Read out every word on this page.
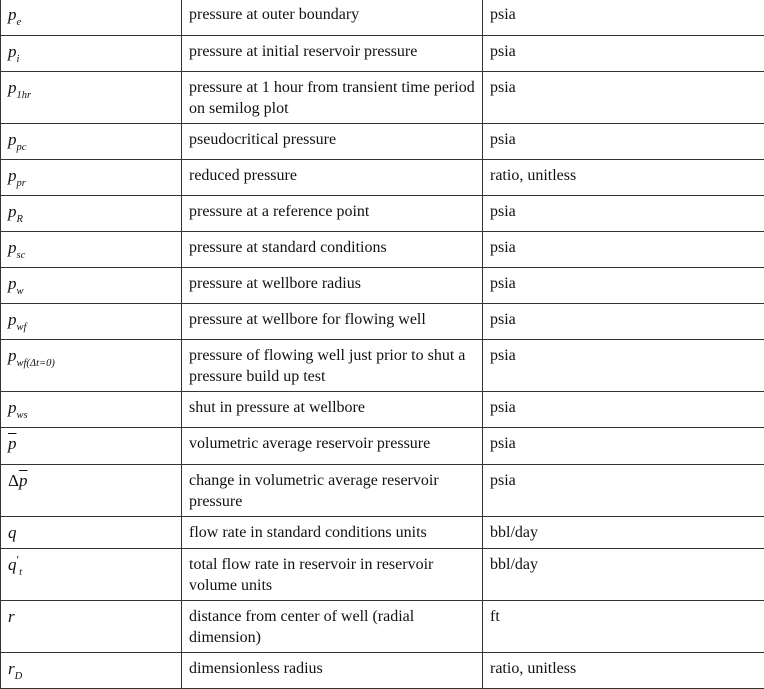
$p_e$	pressure at outer boundary	psia
$p_i$	pressure at initial reservoir pressure	psia
$p_{1hr}$	pressure at 1 hour from transient time period on semilog plot	psia
$p_{pc}$	pseudocritical pressure	psia
$p_{pr}$	reduced pressure	ratio, unitless
$p_R$	pressure at a reference point	psia
$p_{sc}$	pressure at standard conditions	psia
$p_w$	pressure at wellbore radius	psia
$p_{wf}$	pressure at wellbore for flowing well	psia
$p_{wf(\Delta t=0)}$	pressure of flowing well just prior to shut a pressure build up test	psia
$p_{ws}$	shut in pressure at wellbore	psia
$\overline{p}$	volumetric average reservoir pressure	psia
$\Delta\overline{p}$	change in volumetric average reservoir pressure	psia
q	flow rate in standard conditions units	bbl/day
$q'_t$	total flow rate in reservoir in reservoir volume units	bbl/day
r	distance from center of well (radial dimension)	ft
$r_D$	dimensionless radius	ratio, unitless
